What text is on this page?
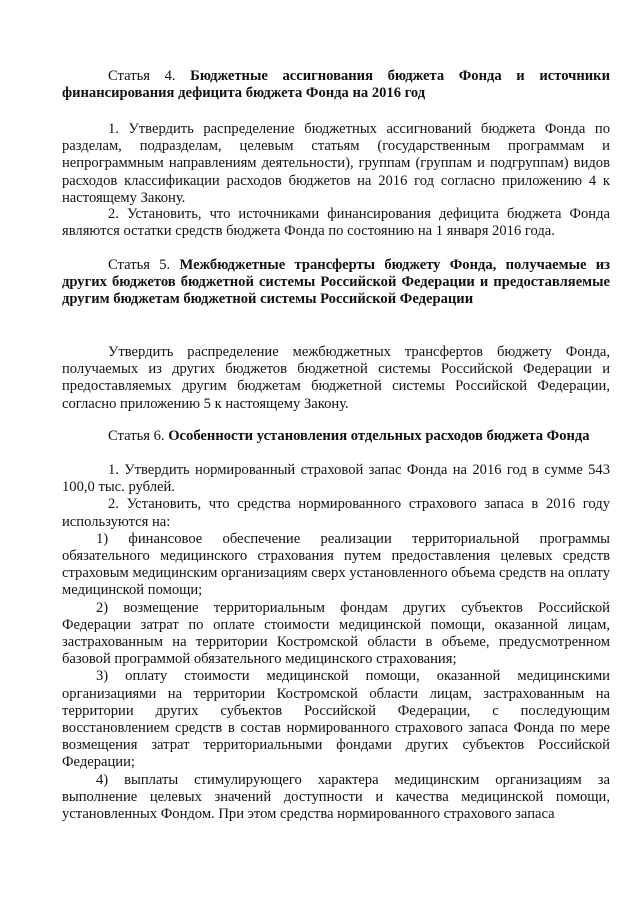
Статья 4. Бюджетные ассигнования бюджета Фонда и источники финансирования дефицита бюджета Фонда на 2016 год

1. Утвердить распределение бюджетных ассигнований бюджета Фонда по разделам, подразделам, целевым статьям (государственным программам и непрограммным направлениям деятельности), группам (группам и подгруппам) видов расходов классификации расходов бюджетов на 2016 год согласно приложению 4 к настоящему Закону.

2. Установить, что источниками финансирования дефицита бюджета Фонда являются остатки средств бюджета Фонда по состоянию на 1 января 2016 года.

Статья 5. Межбюджетные трансферты бюджету Фонда, получаемые из других бюджетов бюджетной системы Российской Федерации и предоставляемые другим бюджетам бюджетной системы Российской Федерации

Утвердить распределение межбюджетных трансфертов бюджету Фонда, получаемых из других бюджетов бюджетной системы Российской Федерации и предоставляемых другим бюджетам бюджетной системы Российской Федерации, согласно приложению 5 к настоящему Закону.

Статья 6. Особенности установления отдельных расходов бюджета Фонда

1. Утвердить нормированный страховой запас Фонда на 2016 год в сумме 543 100,0 тыс. рублей.

2. Установить, что средства нормированного страхового запаса в 2016 году используются на:

1) финансовое обеспечение реализации территориальной программы обязательного медицинского страхования путем предоставления целевых средств страховым медицинским организациям сверх установленного объема средств на оплату медицинской помощи;

2) возмещение территориальным фондам других субъектов Российской Федерации затрат по оплате стоимости медицинской помощи, оказанной лицам, застрахованным на территории Костромской области в объеме, предусмотренном базовой программой обязательного медицинского страхования;

3) оплату стоимости медицинской помощи, оказанной медицинскими организациями на территории Костромской области лицам, застрахованным на территории других субъектов Российской Федерации, с последующим восстановлением средств в состав нормированного страхового запаса Фонда по мере возмещения затрат территориальными фондами других субъектов Российской Федерации;

4) выплаты стимулирующего характера медицинским организациям за выполнение целевых значений доступности и качества медицинской помощи, установленных Фондом. При этом средства нормированного страхового запаса
